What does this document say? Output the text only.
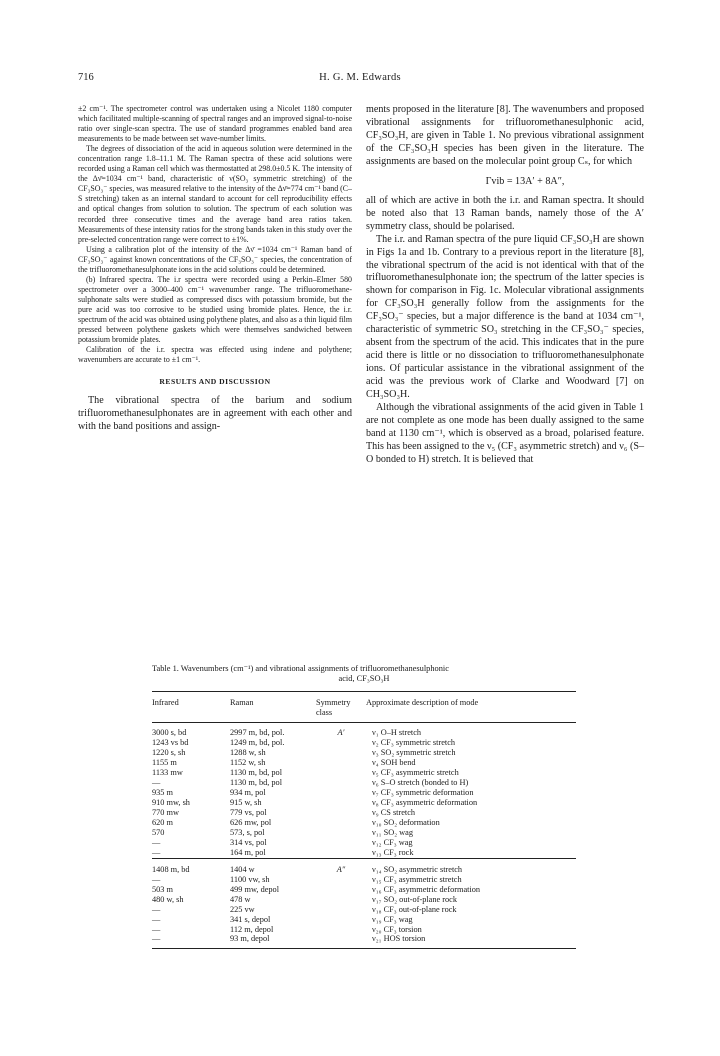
716	H. G. M. Edwards

±2 cm⁻¹. The spectrometer control was undertaken using a Nicolet 1180 computer which facilitated multiple-scanning of spectral ranges and an improved signal-to-noise ratio over single-scan spectra. The use of standard programmes enabled band area measurements to be made between set wave-number limits.

The degrees of dissociation of the acid in aqueous solution were determined in the concentration range 1.8–11.1 M. The Raman spectra of these acid solutions were recorded using a Raman cell which was thermostatted at 298.0±0.5 K. The intensity of the Δν̄=1034 cm⁻¹ band, characteristic of ν(SO₃ symmetric stretching) of the CF₃SO₃⁻ species, was measured relative to the intensity of the Δν̄=774 cm⁻¹ band (C–S stretching) taken as an internal standard to account for cell reproducibility effects and optical changes from solution to solution. The spectrum of each solution was recorded three consecutive times and the average band area ratios taken. Measurements of these intensity ratios for the strong bands taken in this study over the pre-selected concentration range were correct to ±1%.

Using a calibration plot of the intensity of the Δν̄ =1034 cm⁻¹ Raman band of CF₃SO₃⁻ against known concentrations of the CF₃SO₃⁻ species, the concentration of the trifluoromethanesulphonate ions in the acid solutions could be determined.

(b) Infrared spectra. The i.r spectra were recorded using a Perkin–Elmer 580 spectrometer over a 3000–400 cm⁻¹ wavenumber range. The trifluoromethane-sulphonate salts were studied as compressed discs with potassium bromide, but the pure acid was too corrosive to be studied using bromide plates. Hence, the i.r. spectrum of the acid was obtained using polythene plates, and also as a thin liquid film pressed between polythene gaskets which were themselves sandwiched between potassium bromide plates.

Calibration of the i.r. spectra was effected using indene and polythene; wavenumbers are accurate to ±1 cm⁻¹.

RESULTS AND DISCUSSION

The vibrational spectra of the barium and sodium trifluoromethanesulphonates are in agreement with each other and with the band positions and assign-

ments proposed in the literature [8]. The wavenumbers and proposed vibrational assignments for trifluoromethanesulphonic acid, CF₃SO₃H, are given in Table 1. No previous vibrational assignment of the CF₃SO₃H species has been given in the literature. The assignments are based on the molecular point group Cₛ, for which

Γvib = 13A′ + 8A″,

all of which are active in both the i.r. and Raman spectra. It should be noted also that 13 Raman bands, namely those of the A′ symmetry class, should be polarised.

The i.r. and Raman spectra of the pure liquid CF₃SO₃H are shown in Figs 1a and 1b. Contrary to a previous report in the literature [8], the vibrational spectrum of the acid is not identical with that of the trifluoromethanesulphonate ion; the spectrum of the latter species is shown for comparison in Fig. 1c. Molecular vibrational assignments for CF₃SO₃H generally follow from the assignments for the CF₃SO₃⁻ species, but a major difference is the band at 1034 cm⁻¹, characteristic of symmetric SO₃ stretching in the CF₃SO₃⁻ species, absent from the spectrum of the acid. This indicates that in the pure acid there is little or no dissociation to trifluoromethanesulphonate ions. Of particular assistance in the vibrational assignment of the acid was the previous work of Clarke and Woodward [7] on CH₃SO₃H.

Although the vibrational assignments of the acid given in Table 1 are not complete as one mode has been dually assigned to the same band at 1130 cm⁻¹, which is observed as a broad, polarised feature. This has been assigned to the ν₅ (CF₃ asymmetric stretch) and ν₆ (S–O bonded to H) stretch. It is believed that

Table 1. Wavenumbers (cm⁻¹) and vibrational assignments of trifluoromethanesulphonic
acid, CF₃SO₃H
Infrared	Raman	Symmetry class	Approximate description of mode
3000 s, bd	2997 m, bd, pol.	A′	ν₁ O–H stretch
1243 vs bd	1249 m, bd, pol.		ν₂ CF₃ symmetric stretch
1220 s, sh	1288 w, sh		ν₃ SO₂ symmetric stretch
1155 m	1152 w, sh		ν₄ SOH bend
1133 mw	1130 m, bd, pol		ν₅ CF₃ asymmetric stretch
—	1130 m, bd, pol		ν₆ S–O stretch (bonded to H)
935 m	934 m, pol		ν₇ CF₃ symmetric deformation
910 mw, sh	915 w, sh		ν₈ CF₃ asymmetric deformation
770 mw	779 vs, pol		ν₉ CS stretch
620 m	626 mw, pol		ν₁₀ SO₂ deformation
570	573, s, pol		ν₁₁ SO₂ wag
—	314 vs, pol		ν₁₂ CF₃ wag
—	164 m, pol		ν₁₃ CF₃ rock
1408 m, bd	1404 w	A″	ν₁₄ SO₂ asymmetric stretch
—	1100 vw, sh		ν₁₅ CF₃ asymmetric stretch
503 m	499 mw, depol		ν₁₆ CF₃ asymmetric deformation
480 w, sh	478 w		ν₁₇ SO₂ out-of-plane rock
—	225 vw		ν₁₈ CF₃ out-of-plane rock
—	341 s, depol		ν₁₉ CF₃ wag
—	112 m, depol		ν₂₀ CF₃ torsion
—	93 m, depol		ν₂₁ HOS torsion
